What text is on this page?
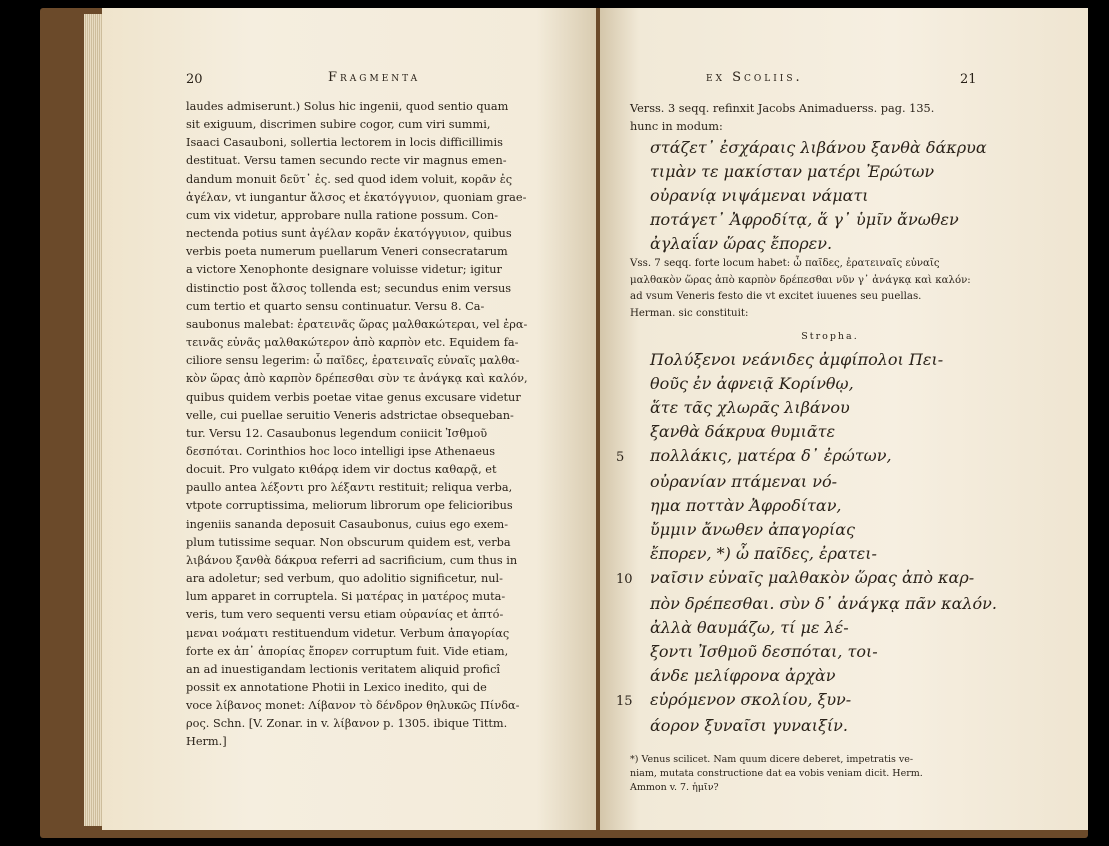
20	Fragmenta
laudes admiserunt.) Solus hic ingenii, quod sentio quam
sit exiguum, discrimen subire cogor, cum viri summi,
Isaaci Casauboni, sollertia lectorem in locis difficillimis
destituat. Versu tamen secundo recte vir magnus emen-
dandum monuit δεῦτ᾽ ἐς. sed quod idem voluit, κορᾶν ἐς
ἀγέλαν, vt iungantur ἄλσος et ἑκατόγγυιον, quoniam grae-
cum vix videtur, approbare nulla ratione possum. Con-
nectenda potius sunt ἀγέλαν κορᾶν ἑκατόγγυιον, quibus
verbis poeta numerum puellarum Veneri consecratarum
a victore Xenophonte designare voluisse videtur; igitur
distinctio post ἄλσος tollenda est; secundus enim versus
cum tertio et quarto sensu continuatur. Versu 8. Ca-
saubonus malebat: ἐρατεινᾶς ὥρας μαλθακώτεραι, vel ἐρα-
τεινᾶς εὐνᾶς μαλθακώτερον ἀπὸ καρπὸν etc. Equidem fa-
ciliore sensu legerim: ὦ παῖδες, ἐρατειναῖς εὐναῖς μαλθα-
κὸν ὥρας ἀπὸ καρπὸν δρέπεσθαι σὺν τε ἀνάγκᾳ καὶ καλόν,
quibus quidem verbis poetae vitae genus excusare videtur
velle, cui puellae seruitio Veneris adstrictae obsequeban-
tur. Versu 12. Casaubonus legendum coniicit Ἰσθμοῦ
δεσπόται. Corinthios hoc loco intelligi ipse Athenaeus
docuit. Pro vulgato κιθάρᾳ idem vir doctus καθαρᾷ, et
paullo antea λέξοντι pro λέξαντι restituit; reliqua verba,
vtpote corruptissima, meliorum librorum ope felicioribus
ingeniis sananda deposuit Casaubonus, cuius ego exem-
plum tutissime sequar. Non obscurum quidem est, verba
λιβάνου ξανθὰ δάκρυα referri ad sacrificium, cum thus in
ara adoletur; sed verbum, quo adolitio significetur, nul-
lum apparet in corruptela. Si ματέρας in ματέρος muta-
veris, tum vero sequenti versu etiam οὐρανίας et ἀπτό-
μεναι νοάματι restituendum videtur. Verbum ἀπαγορίας
forte ex ἀπ᾽ ἀπορίας ἔπορεν corruptum fuit. Vide etiam,
an ad inuestigandam lectionis veritatem aliquid proficî
possit ex annotatione Photii in Lexico inedito, qui de
voce λίβανος monet: Λίβανον τὸ δένδρον θηλυκῶς Πίνδα-
ρος. Schn. [V. Zonar. in v. λίβανον p. 1305. ibique Tittm.
Herm.]
ex Scoliis.	21
Verss. 3 seqq. refinxit Jacobs Animaduerss. pag. 135.
hunc in modum:
στάζετ᾽ ἐσχάραις λιβάνου ξανθὰ δάκρυα
τιμὰν τε μακίσταν ματέρι Ἐρώτων
οὐρανίᾳ νιψάμεναι νάματι
ποτάγετ᾽ Ἀφροδίτᾳ, ἅ γ᾽ ὑμῖν ἄνωθεν
ἀγλαΐαν ὥρας ἔπορεν.
Vss. 7 seqq. forte locum habet: ὦ παῖδες, ἐρατειναῖς εὐναῖς
μαλθακὸν ὥρας ἀπὸ καρπὸν δρέπεσθαι νῦν γ᾽ ἀνάγκᾳ καὶ καλόν:
ad vsum Veneris festo die vt excitet iuuenes seu puellas.
Herman. sic constituit:
Stropha.
Πολύξενοι νεάνιδες ἀμφίπολοι Πει-
θοῦς ἐν ἀφνειᾷ Κορίνθῳ,
ἅτε τᾶς χλωρᾶς λιβάνου
ξανθὰ δάκρυα θυμιᾶτε
5 πολλάκις, ματέρα δ᾽ ἐρώτων,
οὐρανίαν πτάμεναι νό-
ημα ποττὰν Ἀφροδίταν,
ὔμμιν ἄνωθεν ἀπαγορίας
ἔπορεν, *) ὦ παῖδες, ἐρατει-
10 ναῖσιν εὐναῖς μαλθακὸν ὥρας ἀπὸ καρ-
πὸν δρέπεσθαι. σὺν δ᾽ ἀνάγκᾳ πᾶν καλόν.
ἀλλὰ θαυμάζω, τί με λέ-
ξοντι Ἰσθμοῦ δεσπόται, τοι-
άνδε μελίφρονα ἀρχὰν
15 εὑρόμενον σκολίου, ξυν-
άορον ξυναῖσι γυναιξίν.
*) Venus scilicet. Nam quum dicere deberet, impetratis ve-
niam, mutata constructione dat ea vobis veniam dicit. Herm.
Ammon v. 7. ἡμῖν?
